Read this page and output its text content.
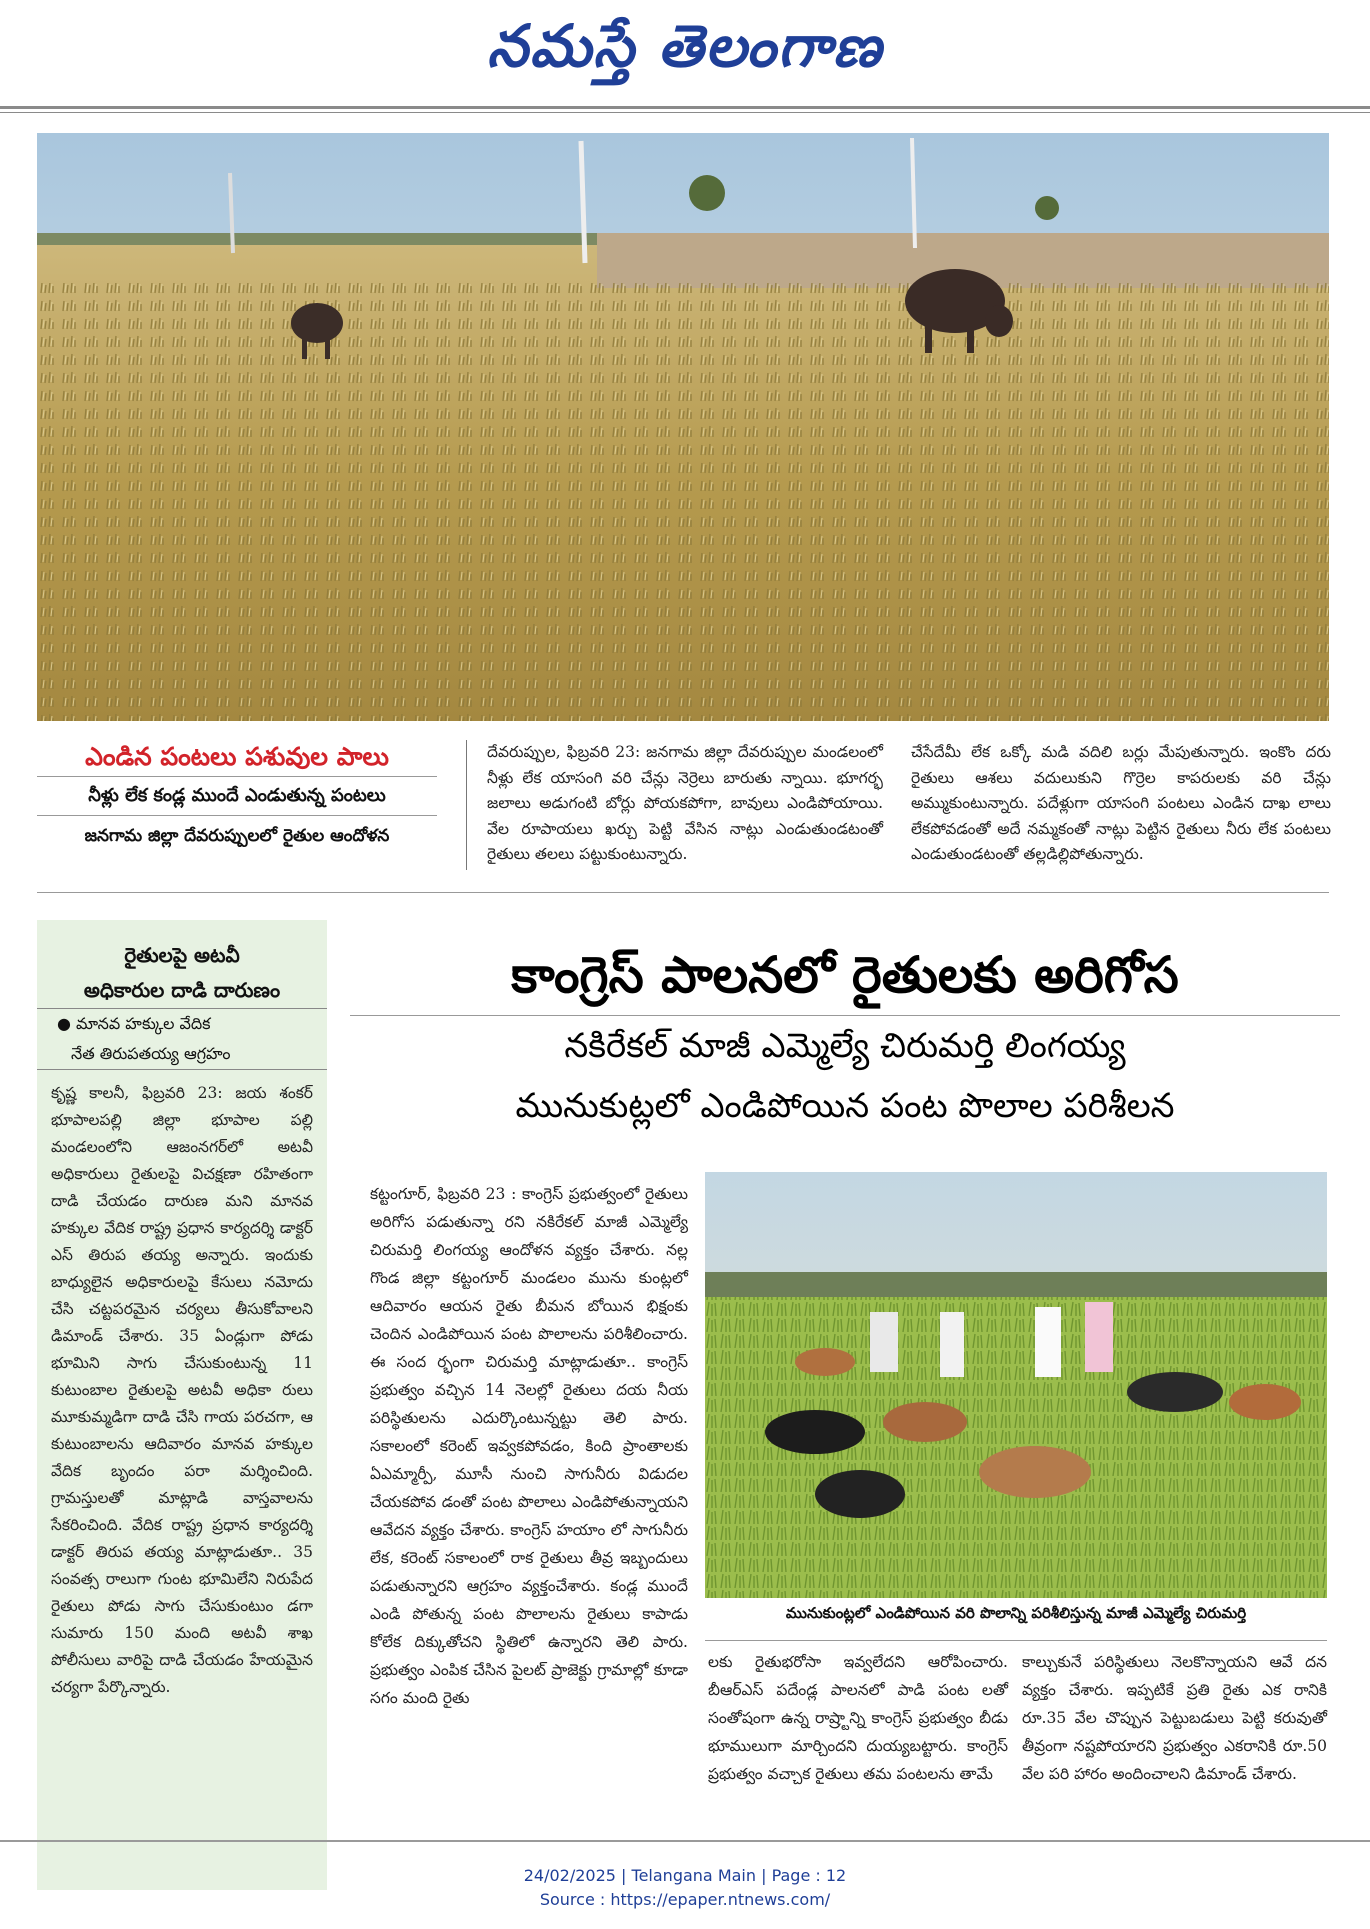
నమస్తే తెలంగాణ
ఎండిన పంటలు పశువుల పాలు
నీళ్లు లేక కండ్ల ముందే ఎండుతున్న పంటలు
జనగామ జిల్లా దేవరుప్పులలో రైతుల ఆందోళన
దేవరుప్పుల, ఫిబ్రవరి 23: జనగామ జిల్లా దేవరుప్పుల మండలంలో నీళ్లు లేక యాసంగి వరి చేన్లు నెర్రెలు బారుతు న్నాయి. భూగర్భ జలాలు అడుగంటి బోర్లు పోయకపోగా, బావులు ఎండిపోయాయి. వేల రూపాయలు ఖర్చు పెట్టి వేసిన నాట్లు ఎండుతుండటంతో రైతులు తలలు పట్టుకుంటున్నారు.
చేసేదేమీ లేక ఒక్కో మడి వదిలి బర్లు మేపుతున్నారు. ఇంకొం దరు రైతులు ఆశలు వదులుకుని గొర్రెల కాపరులకు వరి చేన్లు అమ్ముకుంటున్నారు. పదేళ్లుగా యాసంగి పంటలు ఎండిన దాఖ లాలు లేకపోవడంతో అదే నమ్మకంతో నాట్లు పెట్టిన రైతులు నీరు లేక పంటలు ఎండుతుండటంతో తల్లడిల్లిపోతున్నారు.
రైతులపై అటవీ
అధికారుల దాడి దారుణం
● మానవ హక్కుల వేదిక
నేత తిరుపతయ్య ఆగ్రహం
కృష్ణ కాలనీ, ఫిబ్రవరి 23: జయ శంకర్ భూపాలపల్లి జిల్లా భూపాల పల్లి మండలంలోని ఆజంనగర్‌లో అటవీ అధికారులు రైతులపై విచక్షణా రహితంగా దాడి చేయడం దారుణ మని మానవ హక్కుల వేదిక రాష్ట్ర ప్రధాన కార్యదర్శి డాక్టర్ ఎస్ తిరుప తయ్య అన్నారు. ఇందుకు బాధ్యులైన అధికారులపై కేసులు నమోదు చేసి చట్టపరమైన చర్యలు తీసుకోవాలని డిమాండ్ చేశారు. 35 ఏండ్లుగా పోడు భూమిని సాగు చేసుకుంటున్న 11 కుటుంబాల రైతులపై అటవీ అధికా రులు మూకుమ్మడిగా దాడి చేసి గాయ పరచగా, ఆ కుటుంబాలను ఆదివారం మానవ హక్కుల వేదిక బృందం పరా మర్శించింది. గ్రామస్తులతో మాట్లాడి వాస్తవాలను సేకరించింది. వేదిక రాష్ట్ర ప్రధాన కార్యదర్శి డాక్టర్ తిరుప తయ్య మాట్లాడుతూ.. 35 సంవత్స రాలుగా గుంట భూమిలేని నిరుపేద రైతులు పోడు సాగు చేసుకుంటుం డగా సుమారు 150 మంది అటవీ శాఖ పోలీసులు వారిపై దాడి చేయడం హేయమైన చర్యగా పేర్కొన్నారు.
కాంగ్రెస్ పాలనలో రైతులకు అరిగోస
నకిరేకల్ మాజీ ఎమ్మెల్యే చిరుమర్తి లింగయ్య
మునుకుట్లలో ఎండిపోయిన పంట పొలాల పరిశీలన
కట్టంగూర్, ఫిబ్రవరి 23 : కాంగ్రెస్ ప్రభుత్వంలో రైతులు అరిగోస పడుతున్నా రని నకిరేకల్ మాజీ ఎమ్మెల్యే చిరుమర్తి లింగయ్య ఆందోళన వ్యక్తం చేశారు. నల్ల గొండ జిల్లా కట్టంగూర్ మండలం మును కుంట్లలో ఆదివారం ఆయన రైతు బీమన బోయిన భిక్షంకు చెందిన ఎండిపోయిన పంట పొలాలను పరిశీలించారు. ఈ సంద ర్భంగా చిరుమర్తి మాట్లాడుతూ.. కాంగ్రెస్ ప్రభుత్వం వచ్చిన 14 నెలల్లో రైతులు దయ నీయ పరిస్థితులను ఎదుర్కొంటున్నట్టు తెలి పారు. సకాలంలో కరెంట్ ఇవ్వకపోవడం, కింది ప్రాంతాలకు ఏఎమ్మార్పీ, మూసీ నుంచి సాగునీరు విడుదల చేయకపోవ డంతో పంట పొలాలు ఎండిపోతున్నాయని ఆవేదన వ్యక్తం చేశారు. కాంగ్రెస్ హయాం లో సాగునీరు లేక, కరెంట్ సకాలంలో రాక రైతులు తీవ్ర ఇబ్బందులు పడుతున్నారని ఆగ్రహం వ్యక్తంచేశారు. కండ్ల ముందే ఎండి పోతున్న పంట పొలాలను రైతులు కాపాడు కోలేక దిక్కుతోచని స్థితిలో ఉన్నారని తెలి పారు. ప్రభుత్వం ఎంపిక చేసిన పైలట్ ప్రాజెక్టు గ్రామాల్లో కూడా సగం మంది రైతు
మునుకుంట్లలో ఎండిపోయిన వరి పొలాన్ని పరిశీలిస్తున్న మాజీ ఎమ్మెల్యే చిరుమర్తి
లకు రైతుభరోసా ఇవ్వలేదని ఆరోపించారు. బీఆర్‌ఎస్ పదేండ్ల పాలనలో పాడి పంట లతో సంతోషంగా ఉన్న రాష్ర్టాన్ని కాంగ్రెస్ ప్రభుత్వం బీడు భూములుగా మార్చిందని దుయ్యబట్టారు. కాంగ్రెస్ ప్రభుత్వం వచ్చాక రైతులు తమ పంటలను తామే
కాల్చుకునే పరిస్థితులు నెలకొన్నాయని ఆవే దన వ్యక్తం చేశారు. ఇప్పటికే ప్రతి రైతు ఎక రానికి రూ.35 వేల చొప్పున పెట్టుబడులు పెట్టి కరువుతో తీవ్రంగా నష్టపోయారని ప్రభుత్వం ఎకరానికి రూ.50 వేల పరి హారం అందించాలని డిమాండ్ చేశారు.
24/02/2025 | Telangana Main | Page : 12
Source : https://epaper.ntnews.com/
